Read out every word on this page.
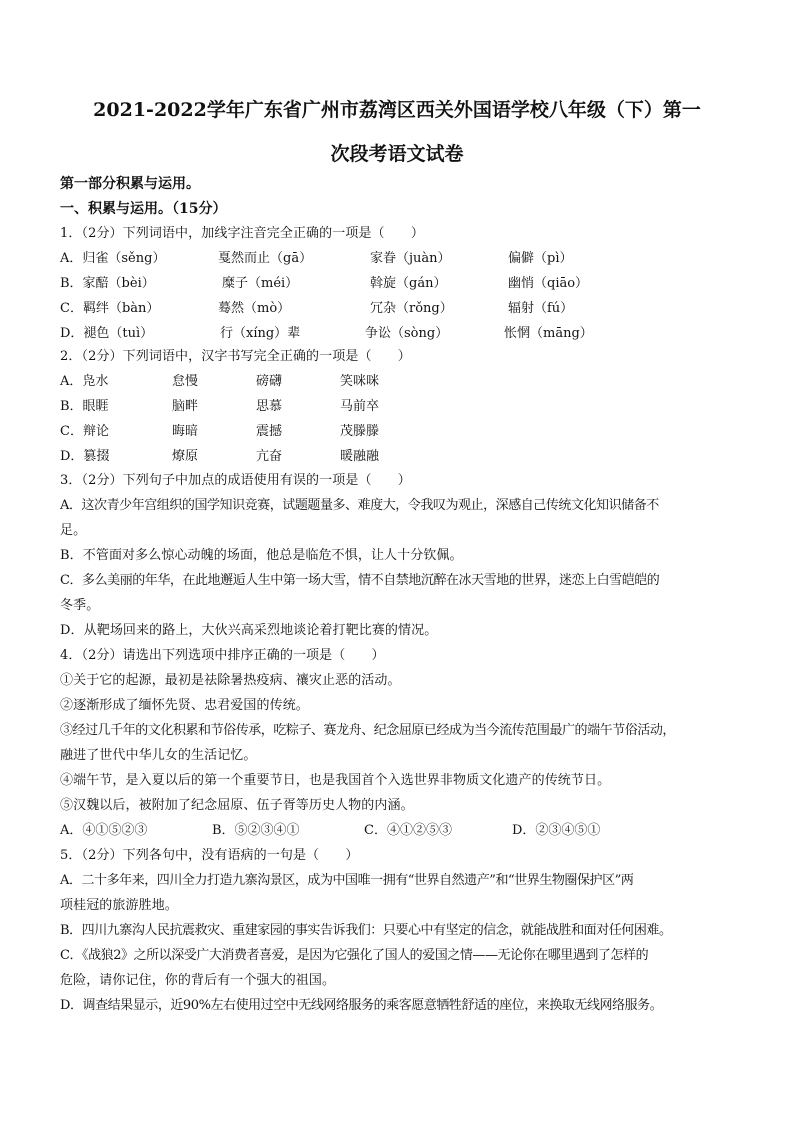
2021-2022学年广东省广州市荔湾区西关外国语学校八年级（下）第一
次段考语文试卷
第一部分积累与运用。
一、积累与运用。（15分）
1．（2分）下列词语中，加线字注音完全正确的一项是（　　）
A．归雀（sěng）	戛然而止（gā）	家眷（juàn）	偏僻（pì）
B．家醅（bèi）	糜子（méi）	斡旋（gán）	幽悄（qiāo）
C．羁绊（bàn）	蓦然（mò）	冗杂（rǒng）	辐射（fú）
D．褪色（tuì）	行（xíng）辈	争讼（sòng）	怅惘（māng）
2．（2分）下列词语中，汉字书写完全正确的一项是（　　）
A．凫水	怠慢	磅礴	笑咪咪
B．眼睚	脑畔	思慕	马前卒
C．辩论	晦暗	震撼	茂滕滕
D．篡掇	燎原	亢奋	暖融融
3．（2分）下列句子中加点的成语使用有误的一项是（　　）
A．这次青少年宫组织的国学知识竞赛，试题题量多、难度大，令我叹为观止，深感自己传统文化知识储备不
足。
B．不管面对多么惊心动魄的场面，他总是临危不惧，让人十分钦佩。
C．多么美丽的年华，在此地邂逅人生中第一场大雪，情不自禁地沉醉在冰天雪地的世界，迷恋上白雪皑皑的
冬季。
D．从靶场回来的路上，大伙兴高采烈地谈论着打靶比赛的情况。
4．（2分）请选出下列选项中排序正确的一项是（　　）
①关于它的起源，最初是祛除暑热疫病、禳灾止恶的活动。
②逐渐形成了缅怀先贤、忠君爱国的传统。
③经过几千年的文化积累和节俗传承，吃粽子、赛龙舟、纪念屈原已经成为当今流传范围最广的端午节俗活动，
融进了世代中华儿女的生活记忆。
④端午节，是入夏以后的第一个重要节日，也是我国首个入选世界非物质文化遗产的传统节日。
⑤汉魏以后，被附加了纪念屈原、伍子胥等历史人物的内涵。
A．④①⑤②③	B．⑤②③④①	C．④①②⑤③	D．②③④⑤①
5．（2分）下列各句中，没有语病的一句是（　　）
A．二十多年来，四川全力打造九寨沟景区，成为中国唯一拥有“世界自然遗产”和“世界生物圈保护区”两
项桂冠的旅游胜地。
B．四川九寨沟人民抗震救灾、重建家园的事实告诉我们：只要心中有坚定的信念，就能战胜和面对任何困难。
C．《战狼2》之所以深受广大消费者喜爱，是因为它强化了国人的爱国之情——无论你在哪里遇到了怎样的
危险，请你记住，你的背后有一个强大的祖国。
D．调查结果显示，近90%左右使用过空中无线网络服务的乘客愿意牺牲舒适的座位，来换取无线网络服务。
